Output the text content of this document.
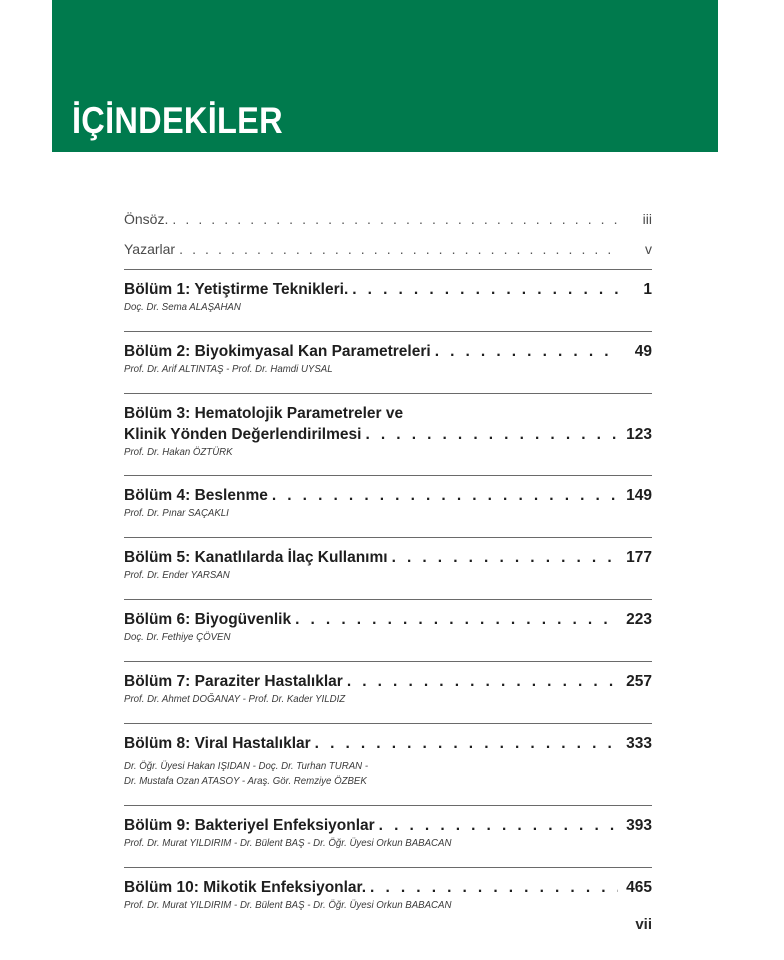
İÇİNDEKİLER
Önsöz. . . .	iii
Yazarlar . . .	v
Bölüm 1: Yetiştirme Teknikleri. . . .	1
Doç. Dr. Sema ALAŞAHAN
Bölüm 2: Biyokimyasal Kan Parametreleri . . .	49
Prof. Dr. Arif ALTINTAŞ - Prof. Dr. Hamdi UYSAL
Bölüm 3: Hematolojik Parametreler ve
Klinik Yönden Değerlendirilmesi . . .	123
Prof. Dr. Hakan ÖZTÜRK
Bölüm 4: Beslenme . . .	149
Prof. Dr. Pınar SAÇAKLI
Bölüm 5: Kanatlılarda İlaç Kullanımı . . .	177
Prof. Dr. Ender YARSAN
Bölüm 6: Biyogüvenlik . . .	223
Doç. Dr. Fethiye ÇÖVEN
Bölüm 7: Paraziter Hastalıklar . . .	257
Prof. Dr. Ahmet DOĞANAY - Prof. Dr. Kader YILDIZ
Bölüm 8: Viral Hastalıklar . . .	333
Dr. Öğr. Üyesi Hakan IŞIDAN - Doç. Dr. Turhan TURAN -
Dr. Mustafa Ozan ATASOY - Araş. Gör. Remziye ÖZBEK
Bölüm 9: Bakteriyel Enfeksiyonlar . . .	393
Prof. Dr. Murat YILDIRIM - Dr. Bülent BAŞ - Dr. Öğr. Üyesi Orkun BABACAN
Bölüm 10: Mikotik Enfeksiyonlar. . . .	465
Prof. Dr. Murat YILDIRIM - Dr. Bülent BAŞ - Dr. Öğr. Üyesi Orkun BABACAN
vii
